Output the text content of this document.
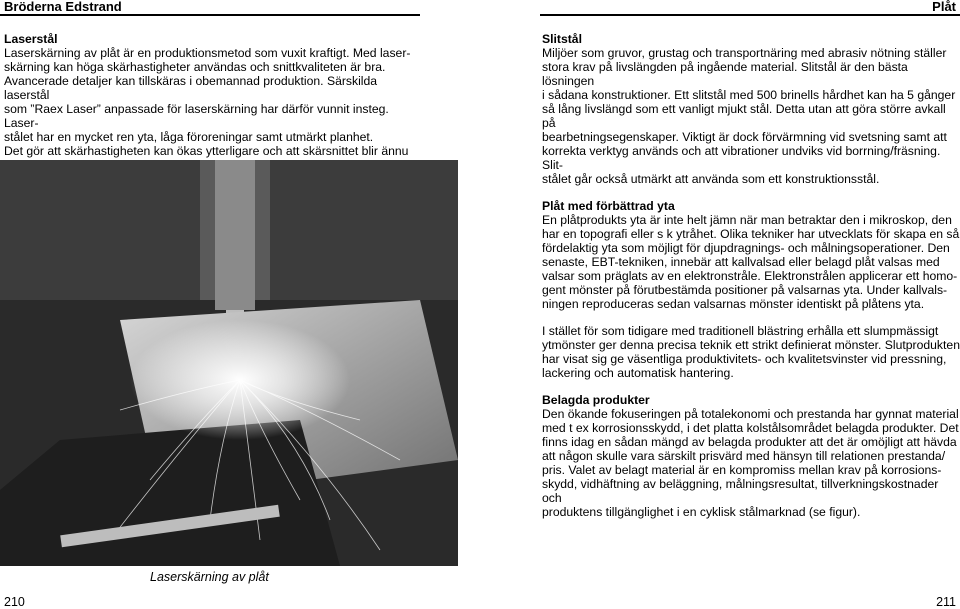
Bröderna Edstrand	Plåt
Laserstål

Laserskärning av plåt är en produktionsmetod som vuxit kraftigt. Med laser-
skärning kan höga skärhastigheter användas och snittkvaliteten är bra.
Avancerade detaljer kan tillskäras i obemannad produktion. Särskilda laserstål
som ”Raex Laser” anpassade för laserskärning har därför vunnit insteg. Laser-
stålet har en mycket ren yta, låga föroreningar samt utmärkt planhet.
Det gör att skärhastigheten kan ökas ytterligare och att skärsnittet blir ännu

Laserskärning av plåt
210
Slitstål

Miljöer som gruvor, grustag och transportnäring med abrasiv nötning ställer
stora krav på livslängden på ingående material. Slitstål är den bästa lösningen
i sådana konstruktioner. Ett slitstål med 500 brinells hårdhet kan ha 5 gånger
så lång livslängd som ett vanligt mjukt stål. Detta utan att göra större avkall på
bearbetningsegenskaper. Viktigt är dock förvärmning vid svetsning samt att
korrekta verktyg används och att vibrationer undviks vid borrning/fräsning. Slit-
stålet går också utmärkt att använda som ett konstruktionsstål.

Plåt med förbättrad yta

En plåtprodukts yta är inte helt jämn när man betraktar den i mikroskop, den
har en topografi eller s k ytråhet. Olika tekniker har utvecklats för skapa en så
fördelaktig yta som möjligt för djupdragnings- och målningsoperationer. Den
senaste, EBT-tekniken, innebär att kallvalsad eller belagd plåt valsas med
valsar som präglats av en elektronstråle. Elektronstrålen applicerar ett homo-
gent mönster på förutbestämda positioner på valsarnas yta. Under kallvals-
ningen reproduceras sedan valsarnas mönster identiskt på plåtens yta.

I stället för som tidigare med traditionell blästring erhålla ett slumpmässigt
ytmönster ger denna precisa teknik ett strikt definierat mönster. Slutprodukten
har visat sig ge väsentliga produktivitets- och kvalitetsvinster vid pressning,
lackering och automatisk hantering.

Belagda produkter

Den ökande fokuseringen på totalekonomi och prestanda har gynnat material
med t ex korrosionsskydd, i det platta kolstålsområdet belagda produkter. Det
finns idag en sådan mängd av belagda produkter att det är omöjligt att hävda
att någon skulle vara särskilt prisvärd med hänsyn till relationen prestanda/
pris. Valet av belagt material är en kompromiss mellan krav på korrosions-
skydd, vidhäftning av beläggning, målningsresultat, tillverkningskostnader och
produktens tillgänglighet i en cyklisk stålmarknad (se figur).

211
